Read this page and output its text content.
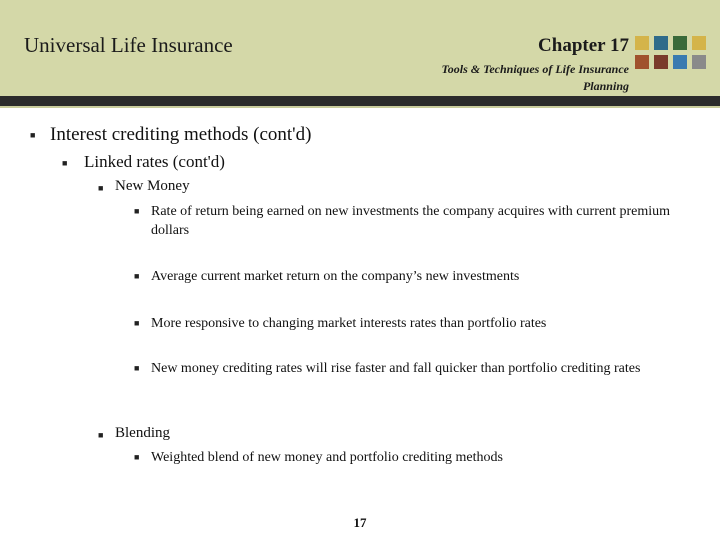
Universal Life Insurance	Chapter 17
Tools & Techniques of Life Insurance Planning
■ Interest crediting methods (cont'd)
■ Linked rates (cont'd)
■ New Money
■ Rate of return being earned on new investments the company acquires with current premium dollars
■ Average current market return on the company’s new investments
■ More responsive to changing market interests rates than portfolio rates
■ New money crediting rates will rise faster and fall quicker than portfolio crediting rates
■ Blending
■ Weighted blend of new money and portfolio crediting methods
17
